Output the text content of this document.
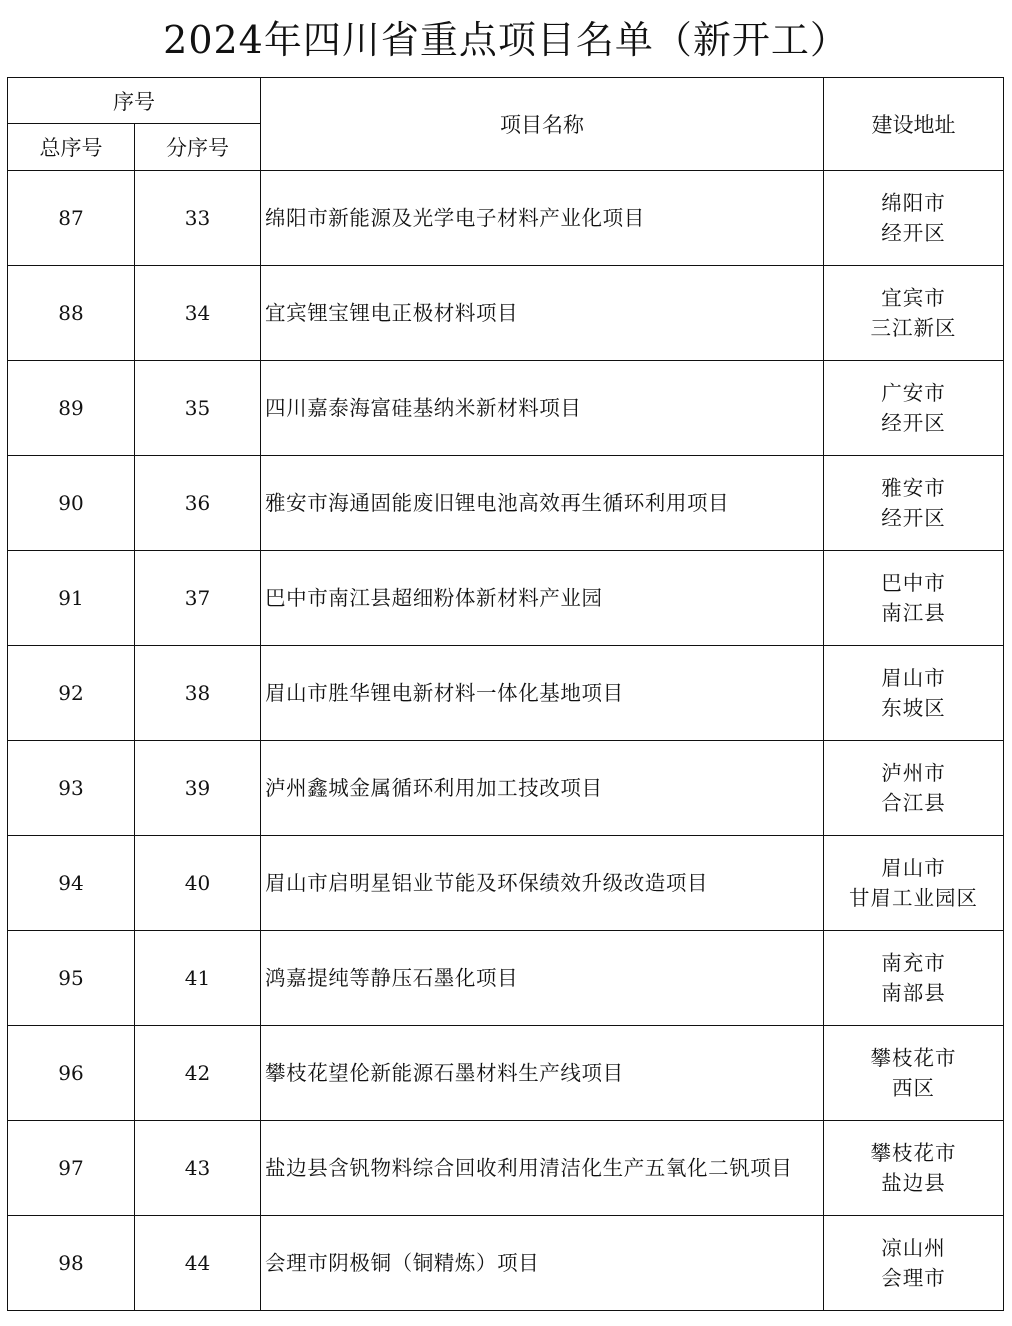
2024年四川省重点项目名单（新开工）
序号		项目名称	建设地址
总序号	分序号		
87	33	绵阳市新能源及光学电子材料产业化项目	绵阳市
经开区

88	34	宜宾锂宝锂电正极材料项目	宜宾市
三江新区

89	35	四川嘉泰海富硅基纳米新材料项目	广安市
经开区

90	36	雅安市海通固能废旧锂电池高效再生循环利用项目	雅安市
经开区

91	37	巴中市南江县超细粉体新材料产业园	巴中市
南江县

92	38	眉山市胜华锂电新材料一体化基地项目	眉山市
东坡区

93	39	泸州鑫城金属循环利用加工技改项目	泸州市
合江县

94	40	眉山市启明星铝业节能及环保绩效升级改造项目	眉山市
甘眉工业园区

95	41	鸿嘉提纯等静压石墨化项目	南充市
南部县

96	42	攀枝花望伦新能源石墨材料生产线项目	攀枝花市
西区

97	43	盐边县含钒物料综合回收利用清洁化生产五氧化二钒项目	攀枝花市
盐边县

98	44	会理市阴极铜（铜精炼）项目	凉山州
会理市
